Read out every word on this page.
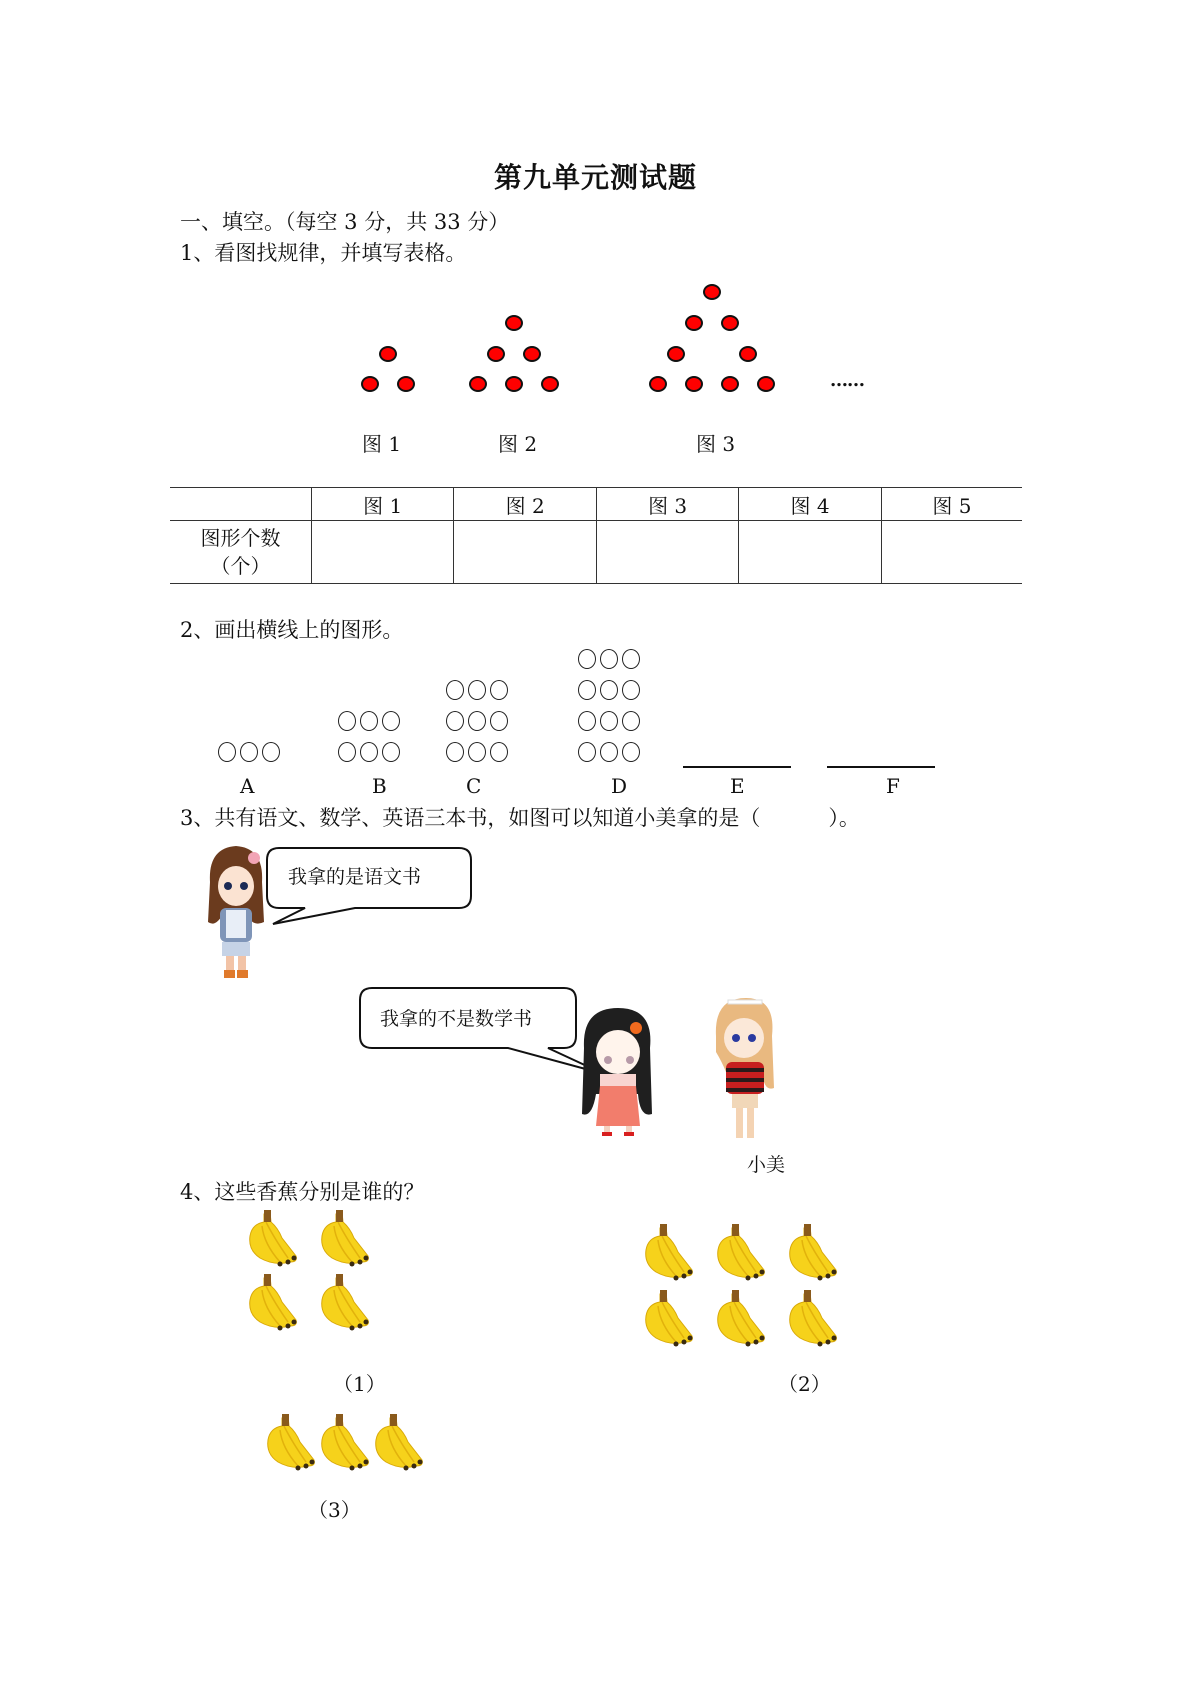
第九单元测试题
一、填空。（每空 3 分，共 33 分）
1、看图找规律，并填写表格。
……
图 1	图 2	图 3
	图 1	图 2	图 3	图 4	图 5

图形个数
（个）					

2、画出横线上的图形。
A	B	C	D	E	F
3、共有语文、数学、英语三本书，如图可以知道小美拿的是（	）。
我拿的是语文书
我拿的不是数学书
小美
4、这些香蕉分别是谁的？
（1）	（2）
（3）
